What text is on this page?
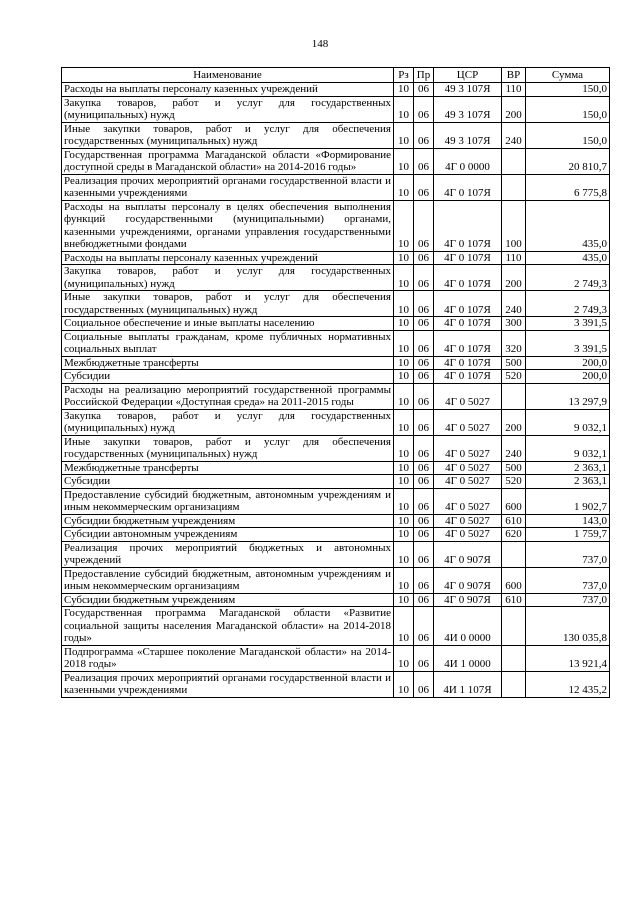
148
Наименование	Рз	Пр	ЦСР	ВР	Сумма
Расходы на выплаты персоналу казенных учреждений	10	06	49 3 107Я	110	150,0
Закупка товаров, работ и услуг для государственных (муниципальных) нужд	10	06	49 3 107Я	200	150,0
Иные закупки товаров, работ и услуг для обеспечения государственных (муниципальных) нужд	10	06	49 3 107Я	240	150,0
Государственная программа Магаданской области «Формирование доступной среды в Магаданской области» на 2014-2016 годы»	10	06	4Г 0 0000		20 810,7
Реализация прочих мероприятий органами государственной власти и казенными учреждениями	10	06	4Г 0 107Я		6 775,8
Расходы на выплаты персоналу в целях обеспечения выполнения функций государственными (муниципальными) органами, казенными учреждениями, органами управления государственными внебюджетными фондами	10	06	4Г 0 107Я	100	435,0
Расходы на выплаты персоналу казенных учреждений	10	06	4Г 0 107Я	110	435,0
Закупка товаров, работ и услуг для государственных (муниципальных) нужд	10	06	4Г 0 107Я	200	2 749,3
Иные закупки товаров, работ и услуг для обеспечения государственных (муниципальных) нужд	10	06	4Г 0 107Я	240	2 749,3
Социальное обеспечение и иные выплаты населению	10	06	4Г 0 107Я	300	3 391,5
Социальные выплаты гражданам, кроме публичных нормативных социальных выплат	10	06	4Г 0 107Я	320	3 391,5
Межбюджетные трансферты	10	06	4Г 0 107Я	500	200,0
Субсидии	10	06	4Г 0 107Я	520	200,0
Расходы на реализацию мероприятий государственной программы Российской Федерации «Доступная среда» на 2011-2015 годы	10	06	4Г 0 5027		13 297,9
Закупка товаров, работ и услуг для государственных (муниципальных) нужд	10	06	4Г 0 5027	200	9 032,1
Иные закупки товаров, работ и услуг для обеспечения государственных (муниципальных) нужд	10	06	4Г 0 5027	240	9 032,1
Межбюджетные трансферты	10	06	4Г 0 5027	500	2 363,1
Субсидии	10	06	4Г 0 5027	520	2 363,1
Предоставление субсидий бюджетным, автономным учреждениям и иным некоммерческим организациям	10	06	4Г 0 5027	600	1 902,7
Субсидии бюджетным учреждениям	10	06	4Г 0 5027	610	143,0
Субсидии автономным учреждениям	10	06	4Г 0 5027	620	1 759,7
Реализация прочих мероприятий бюджетных и автономных учреждений	10	06	4Г 0 907Я		737,0
Предоставление субсидий бюджетным, автономным учреждениям и иным некоммерческим организациям	10	06	4Г 0 907Я	600	737,0
Субсидии бюджетным учреждениям	10	06	4Г 0 907Я	610	737,0
Государственная программа Магаданской области «Развитие социальной защиты населения Магаданской области» на 2014-2018 годы»	10	06	4И 0 0000		130 035,8
Подпрограмма «Старшее поколение Магаданской области» на 2014-2018 годы»	10	06	4И 1 0000		13 921,4
Реализация прочих мероприятий органами государственной власти и казенными учреждениями	10	06	4И 1 107Я		12 435,2
